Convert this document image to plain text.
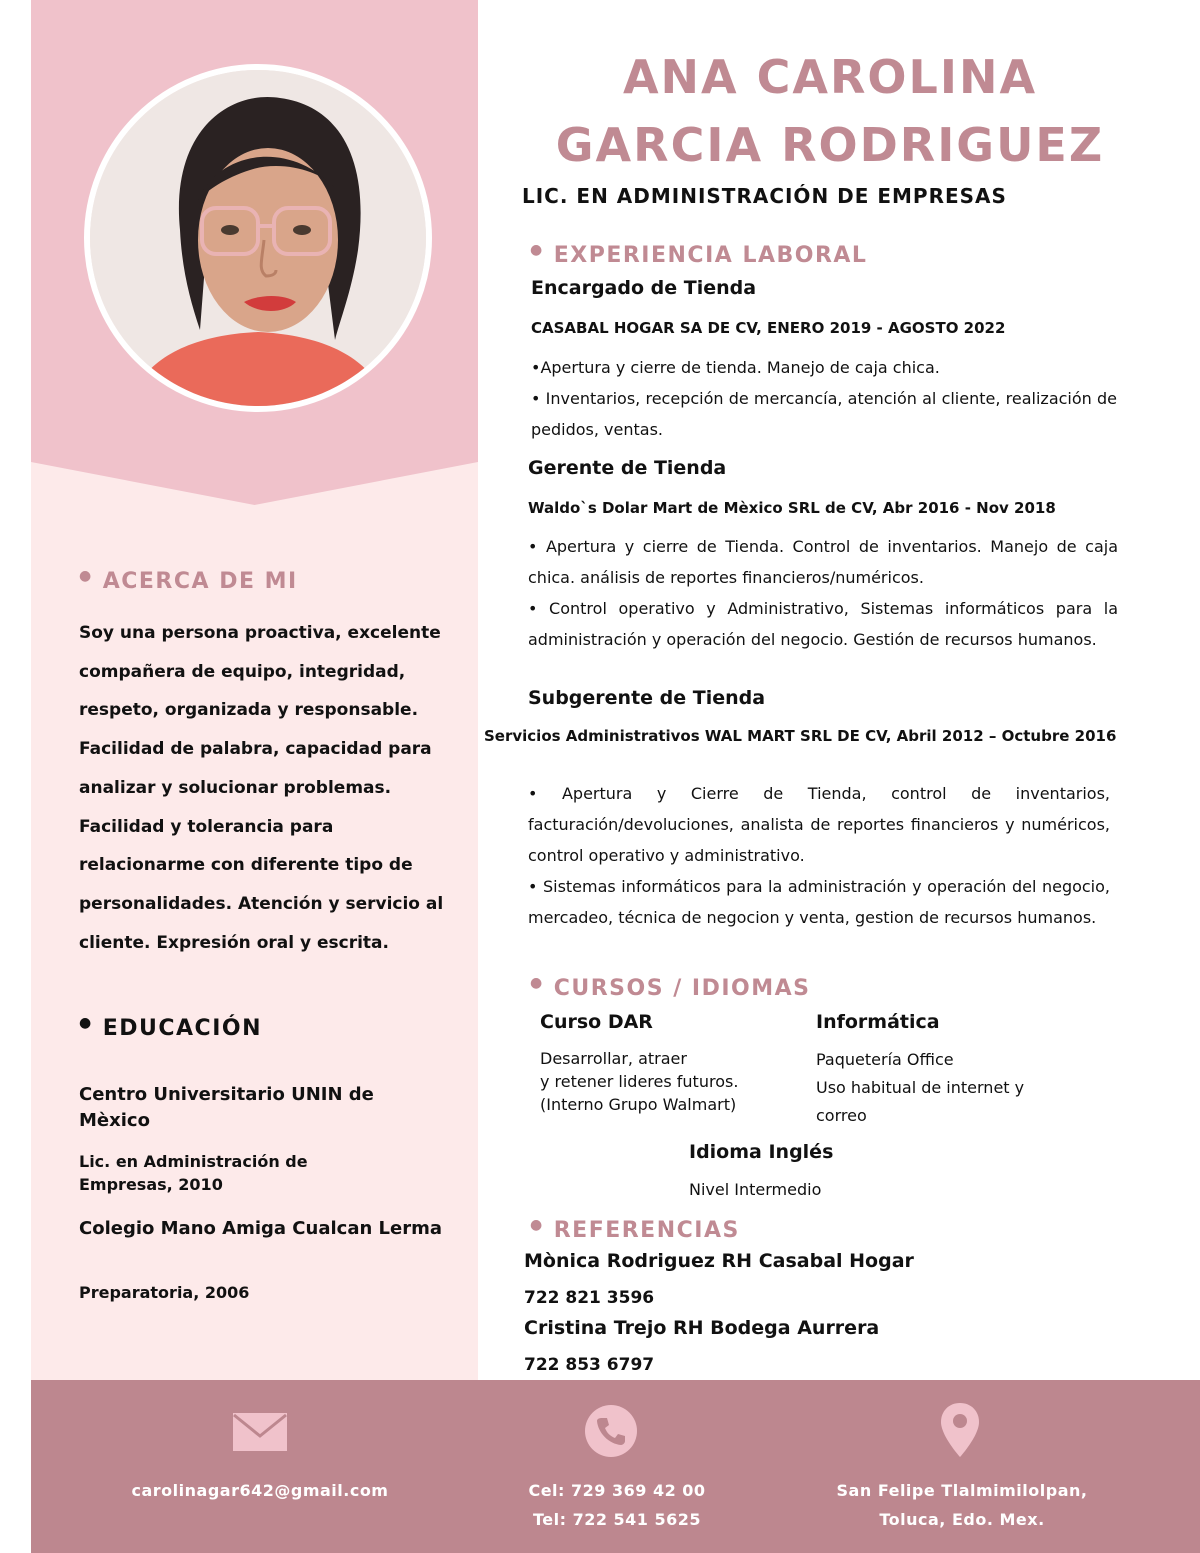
ANA CAROLINA
GARCIA RODRIGUEZ
LIC. EN ADMINISTRACIÓN DE EMPRESAS
● ACERCA DE MI
Soy una persona proactiva, excelente compañera de equipo, integridad, respeto, organizada y responsable. Facilidad de palabra, capacidad para analizar y solucionar problemas. Facilidad y tolerancia para relacionarme con diferente tipo de personalidades. Atención y servicio al cliente. Expresión oral y escrita.
● EDUCACIÓN
Centro Universitario UNIN de Mèxico
Lic. en Administración de Empresas, 2010
Colegio Mano Amiga Cualcan Lerma
Preparatoria, 2006
● EXPERIENCIA LABORAL
Encargado de Tienda
CASABAL HOGAR SA DE CV, ENERO 2019 - AGOSTO 2022
•Apertura y cierre de tienda. Manejo de caja chica.
• Inventarios, recepción de mercancía, atención al cliente, realización de pedidos, ventas.
Gerente de Tienda
Waldo`s Dolar Mart de Mèxico SRL de CV, Abr 2016 - Nov 2018
• Apertura y cierre de Tienda. Control de inventarios. Manejo de caja chica. análisis de reportes financieros/numéricos.
• Control operativo y Administrativo, Sistemas informáticos para la administración y operación del negocio. Gestión de recursos humanos.
Subgerente de Tienda
Servicios Administrativos WAL MART SRL DE CV, Abril 2012 – Octubre 2016
• Apertura y Cierre de Tienda, control de inventarios, facturación/devoluciones, analista de reportes financieros y numéricos, control operativo y administrativo.
• Sistemas informáticos para la administración y operación del negocio, mercadeo, técnica de negocion y venta, gestion de recursos humanos.
● CURSOS / IDIOMAS
Curso DAR
Desarrollar, atraer
y retener lideres futuros.
(Interno Grupo Walmart)
Informática
Paquetería Office
Uso habitual de internet y
correo
Idioma Inglés
Nivel Intermedio
● REFERENCIAS
Mònica Rodriguez RH Casabal Hogar
722 821 3596
Cristina Trejo RH Bodega Aurrera
722 853 6797
carolinagar642@gmail.com	Cel: 729 369 42 00
Tel: 722 541 5625
San Felipe Tlalmimilolpan,
Toluca, Edo. Mex.
